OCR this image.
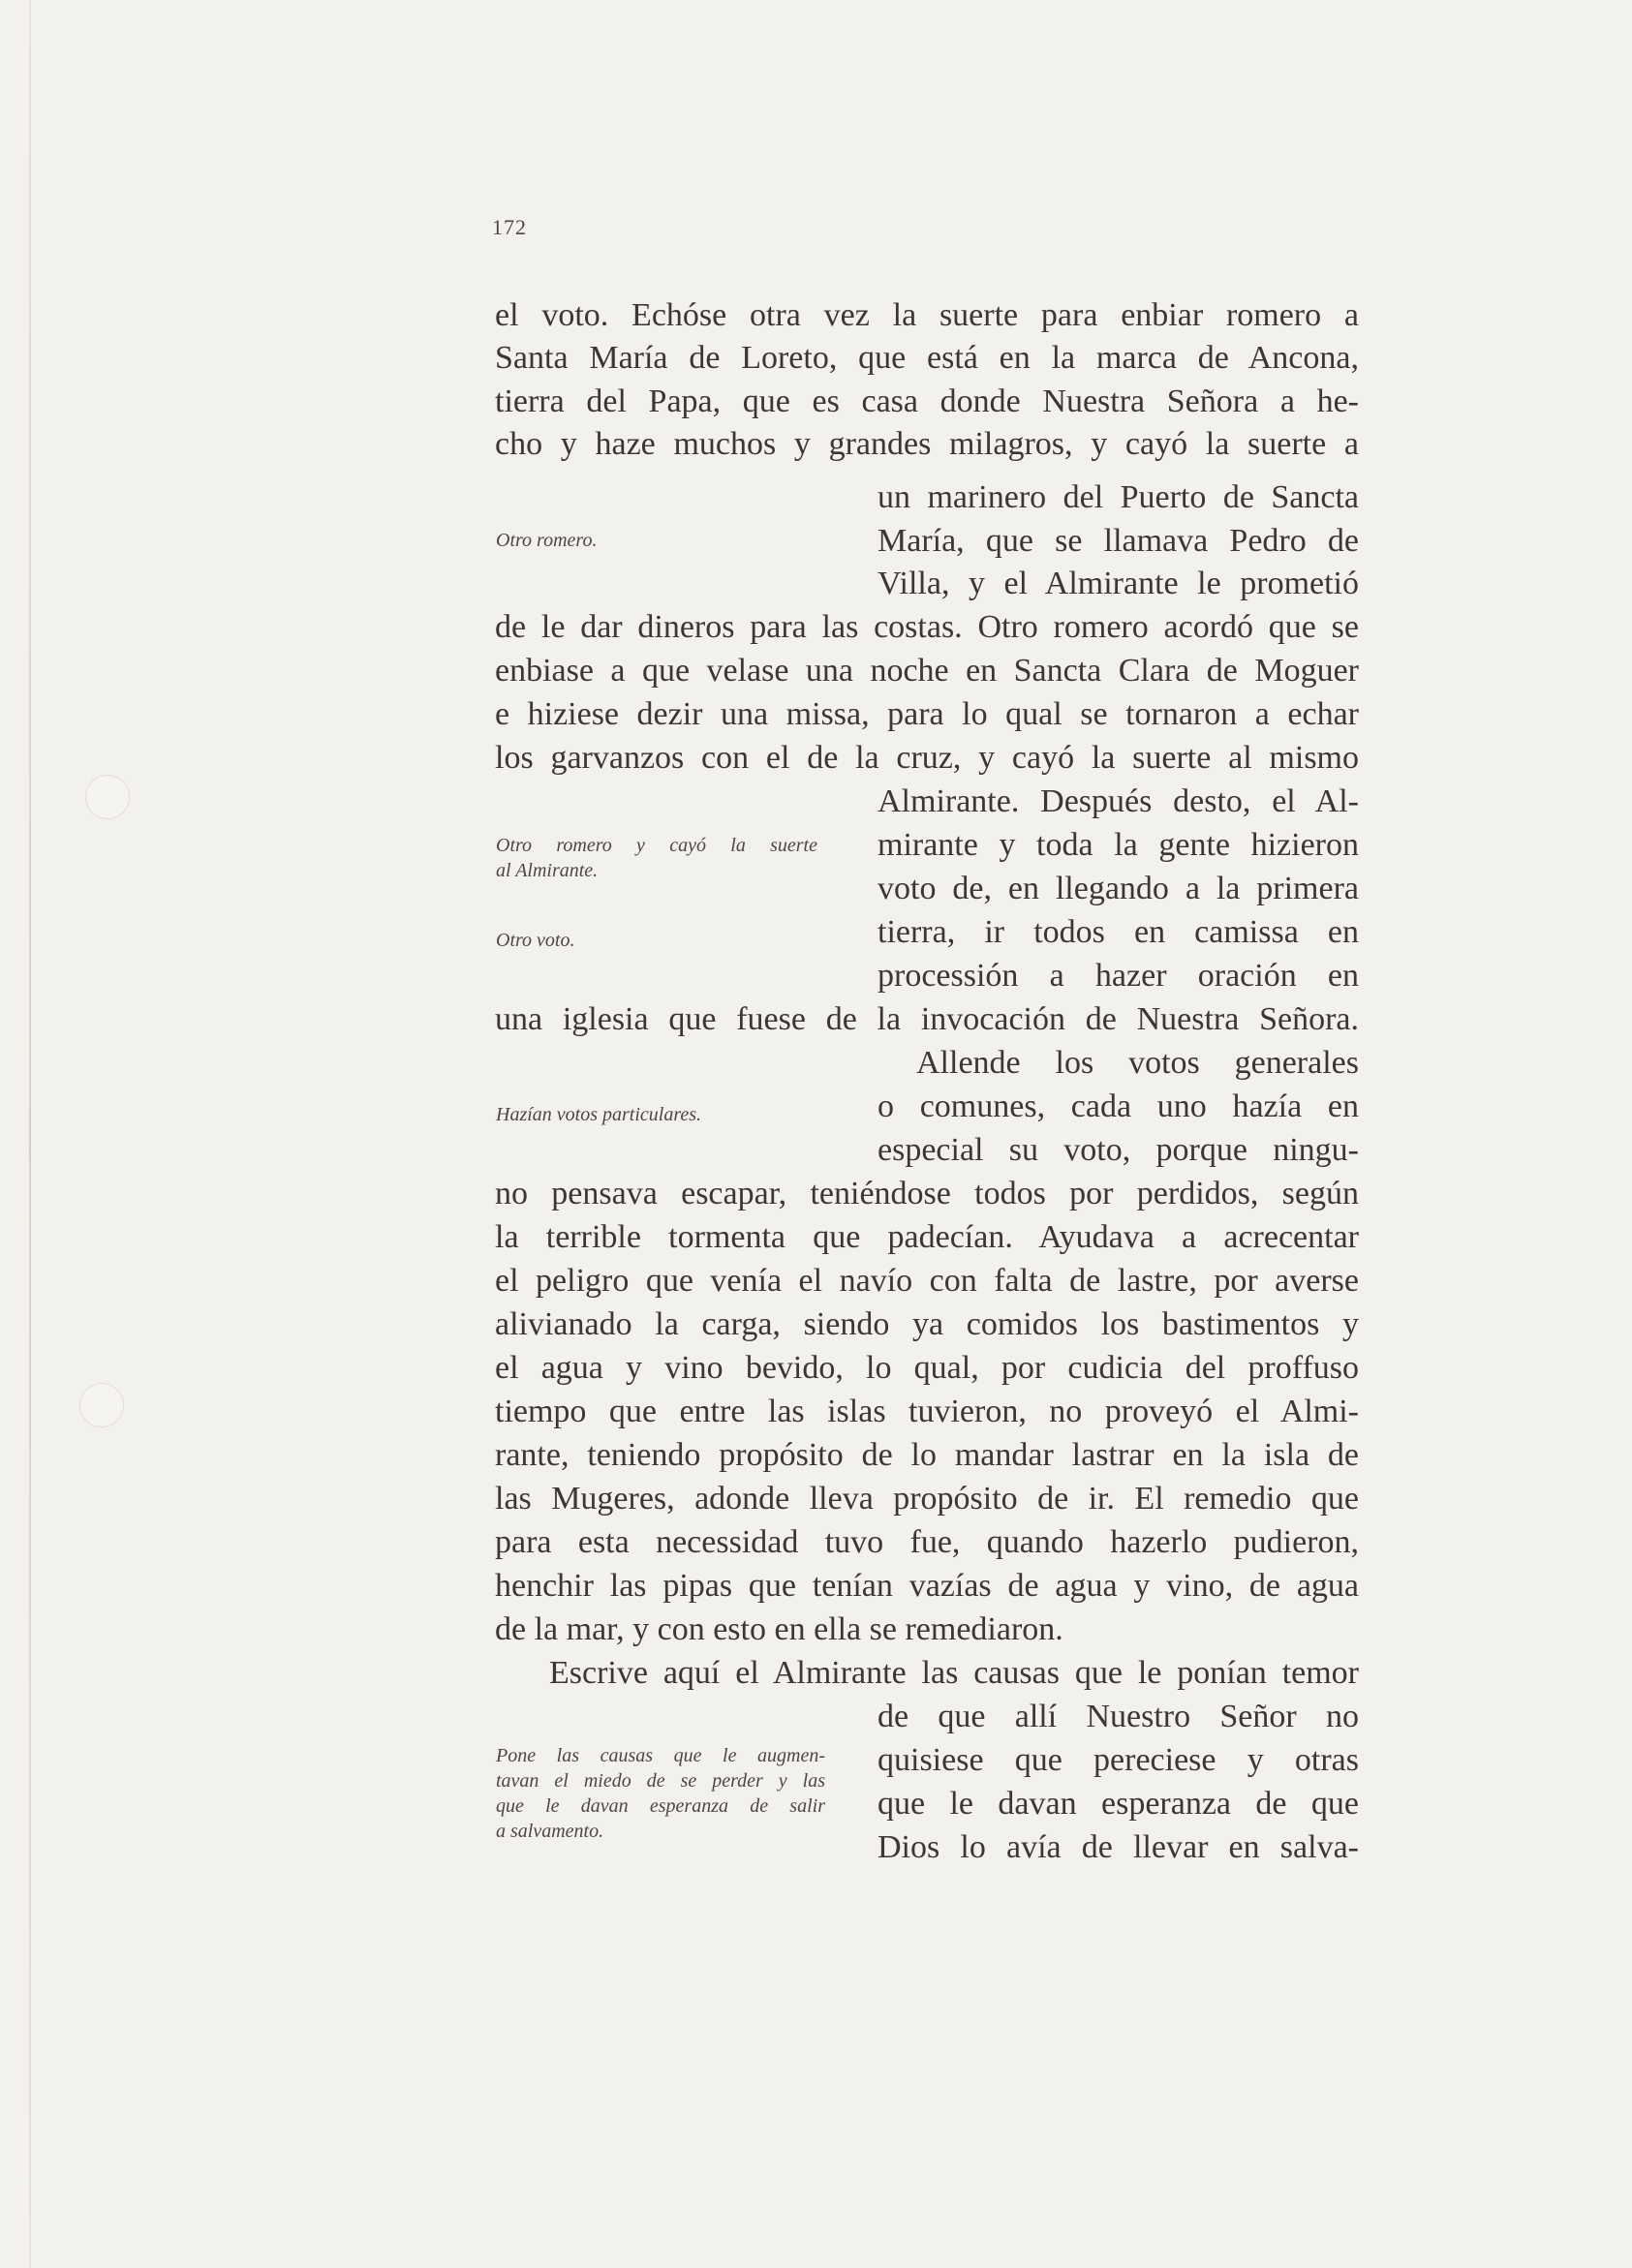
172

el voto. Echóse otra vez la suerte para enbiar romero a

Santa María de Loreto, que está en la marca de Ancona,

tierra del Papa, que es casa donde Nuestra Señora a he-

cho y haze muchos y grandes milagros, y cayó la suerte a

un marinero del Puerto de Sancta

María, que se llamava Pedro de

Villa, y el Almirante le prometió

de le dar dineros para las costas. Otro romero acordó que se

enbiase a que velase una noche en Sancta Clara de Moguer

e hiziese dezir una missa, para lo qual se tornaron a echar

los garvanzos con el de la cruz, y cayó la suerte al mismo

Almirante. Después desto, el Al-

mirante y toda la gente hizieron

voto de, en llegando a la primera

tierra, ir todos en camissa en

processión a hazer oración en

una iglesia que fuese de la invocación de Nuestra Señora.

Allende los votos generales

o comunes, cada uno hazía en

especial su voto, porque ningu-

no pensava escapar, teniéndose todos por perdidos, según

la terrible tormenta que padecían. Ayudava a acrecentar

el peligro que venía el navío con falta de lastre, por averse

alivianado la carga, siendo ya comidos los bastimentos y

el agua y vino bevido, lo qual, por cudicia del proffuso

tiempo que entre las islas tuvieron, no proveyó el Almi-

rante, teniendo propósito de lo mandar lastrar en la isla de

las Mugeres, adonde lleva propósito de ir. El remedio que

para esta necessidad tuvo fue, quando hazerlo pudieron,

henchir las pipas que tenían vazías de agua y vino, de agua

de la mar, y con esto en ella se remediaron.

Escrive aquí el Almirante las causas que le ponían temor

de que allí Nuestro Señor no

quisiese que pereciese y otras

que le davan esperanza de que

Dios lo avía de llevar en salva-

Otro romero.
Otro romero y cayó la suerte
al Almirante.
Otro voto.
Hazían votos particulares.
Pone las causas que le augmen-
tavan el miedo de se perder y las
que le davan esperanza de salir
a salvamento.
